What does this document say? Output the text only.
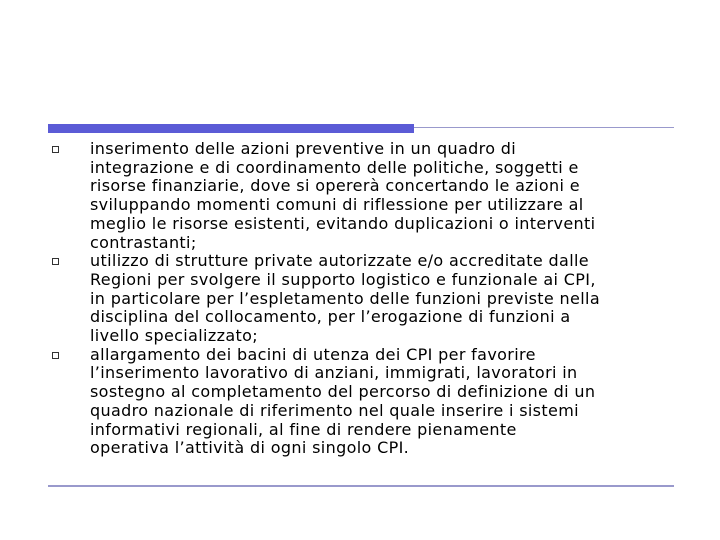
inserimento delle azioni preventive in un quadro di
integrazione e di coordinamento delle politiche, soggetti e
risorse finanziarie, dove si opererà concertando le azioni e
sviluppando momenti comuni di riflessione per utilizzare al
meglio le risorse esistenti, evitando duplicazioni o interventi
contrastanti;
utilizzo di strutture private autorizzate e/o accreditate dalle
Regioni per svolgere il supporto logistico e funzionale ai CPI,
in particolare per l’espletamento delle funzioni previste nella
disciplina del collocamento, per l’erogazione di funzioni a
livello specializzato;
allargamento dei bacini di utenza dei CPI per favorire
l’inserimento lavorativo di anziani, immigrati, lavoratori in
sostegno al completamento del percorso di definizione di un
quadro nazionale di riferimento nel quale inserire i sistemi
informativi regionali, al fine di rendere pienamente
operativa l’attività di ogni singolo CPI.
